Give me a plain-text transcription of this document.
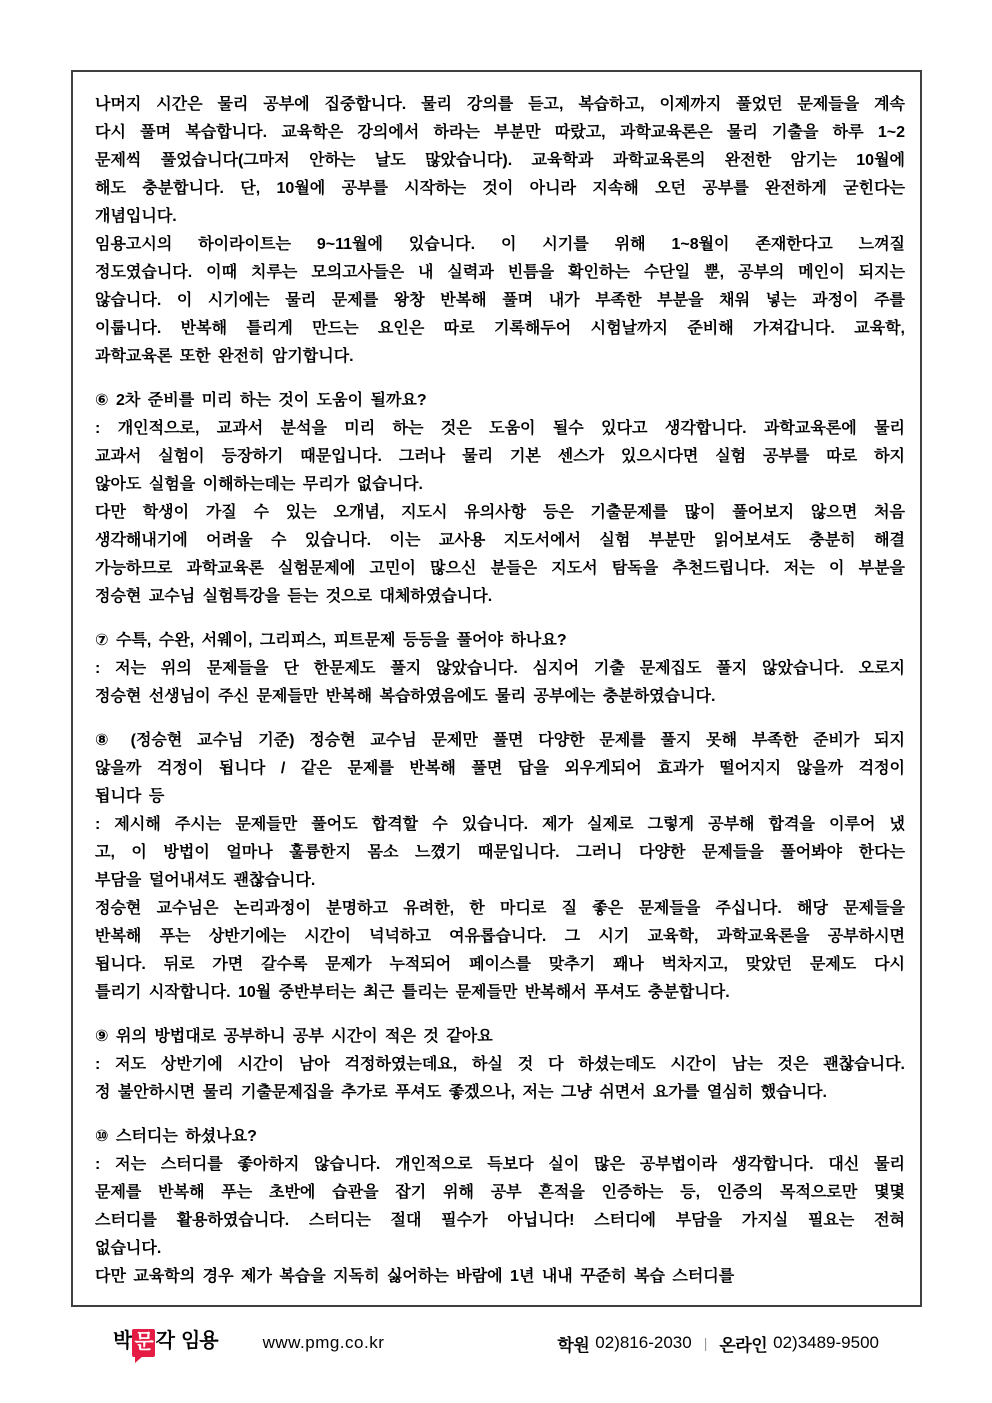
나머지 시간은 물리 공부에 집중합니다. 물리 강의를 듣고, 복습하고, 이제까지 풀었던 문제들을 계속
다시 풀며 복습합니다. 교육학은 강의에서 하라는 부분만 따랐고, 과학교육론은 물리 기출을 하루 1~2
문제씩 풀었습니다(그마저 안하는 날도 많았습니다). 교육학과 과학교육론의 완전한 암기는 10월에
해도 충분합니다. 단, 10월에 공부를 시작하는 것이 아니라 지속해 오던 공부를 완전하게 굳힌다는
개념입니다.
임용고시의 하이라이트는 9~11월에 있습니다. 이 시기를 위해 1~8월이 존재한다고 느껴질
정도였습니다. 이때 치루는 모의고사들은 내 실력과 빈틈을 확인하는 수단일 뿐, 공부의 메인이 되지는
않습니다. 이 시기에는 물리 문제를 왕창 반복해 풀며 내가 부족한 부분을 채워 넣는 과정이 주를
이룹니다. 반복해 틀리게 만드는 요인은 따로 기록해두어 시험날까지 준비해 가져갑니다. 교육학,
과학교육론 또한 완전히 암기합니다.
⑥ 2차 준비를 미리 하는 것이 도움이 될까요?
: 개인적으로, 교과서 분석을 미리 하는 것은 도움이 될수 있다고 생각합니다. 과학교육론에 물리
교과서 실험이 등장하기 때문입니다. 그러나 물리 기본 센스가 있으시다면 실험 공부를 따로 하지
않아도 실험을 이해하는데는 무리가 없습니다.
다만 학생이 가질 수 있는 오개념, 지도시 유의사항 등은 기출문제를 많이 풀어보지 않으면 처음
생각해내기에 어려울 수 있습니다. 이는 교사용 지도서에서 실험 부분만 읽어보셔도 충분히 해결
가능하므로 과학교육론 실험문제에 고민이 많으신 분들은 지도서 탐독을 추천드립니다. 저는 이 부분을
정승현 교수님 실험특강을 듣는 것으로 대체하였습니다.
⑦ 수특, 수완, 서웨이, 그리피스, 피트문제 등등을 풀어야 하나요?
: 저는 위의 문제들을 단 한문제도 풀지 않았습니다. 심지어 기출 문제집도 풀지 않았습니다. 오로지
정승현 선생님이 주신 문제들만 반복해 복습하였음에도 물리 공부에는 충분하였습니다.
⑧ (정승현 교수님 기준) 정승현 교수님 문제만 풀면 다양한 문제를 풀지 못해 부족한 준비가 되지
않을까 걱정이 됩니다 / 같은 문제를 반복해 풀면 답을 외우게되어 효과가 떨어지지 않을까 걱정이
됩니다 등
: 제시해 주시는 문제들만 풀어도 합격할 수 있습니다. 제가 실제로 그렇게 공부해 합격을 이루어 냈
고, 이 방법이 얼마나 훌륭한지 몸소 느꼈기 때문입니다. 그러니 다양한 문제들을 풀어봐야 한다는
부담을 덜어내셔도 괜찮습니다.
정승현 교수님은 논리과정이 분명하고 유려한, 한 마디로 질 좋은 문제들을 주십니다. 해당 문제들을
반복해 푸는 상반기에는 시간이 넉넉하고 여유롭습니다. 그 시기 교육학, 과학교육론을 공부하시면
됩니다. 뒤로 가면 갈수록 문제가 누적되어 페이스를 맞추기 꽤나 벅차지고, 맞았던 문제도 다시
틀리기 시작합니다. 10월 중반부터는 최근 틀리는 문제들만 반복해서 푸셔도 충분합니다.
⑨ 위의 방법대로 공부하니 공부 시간이 적은 것 같아요
: 저도 상반기에 시간이 남아 걱정하였는데요, 하실 것 다 하셨는데도 시간이 남는 것은 괜찮습니다.
정 불안하시면 물리 기출문제집을 추가로 푸셔도 좋겠으나, 저는 그냥 쉬면서 요가를 열심히 했습니다.
⑩ 스터디는 하셨나요?
: 저는 스터디를 좋아하지 않습니다. 개인적으로 득보다 실이 많은 공부법이라 생각합니다. 대신 물리
문제를 반복해 푸는 초반에 습관을 잡기 위해 공부 흔적을 인증하는 등, 인증의 목적으로만 몇몇
스터디를 활용하였습니다. 스터디는 절대 필수가 아닙니다! 스터디에 부담을 가지실 필요는 전혀
없습니다.
다만 교육학의 경우 제가 복습을 지독히 싫어하는 바람에 1년 내내 꾸준히 복습 스터디를
박 문 각 임용	www.pmg.co.kr	학원 02)816-2030 | 온라인 02)3489-9500
